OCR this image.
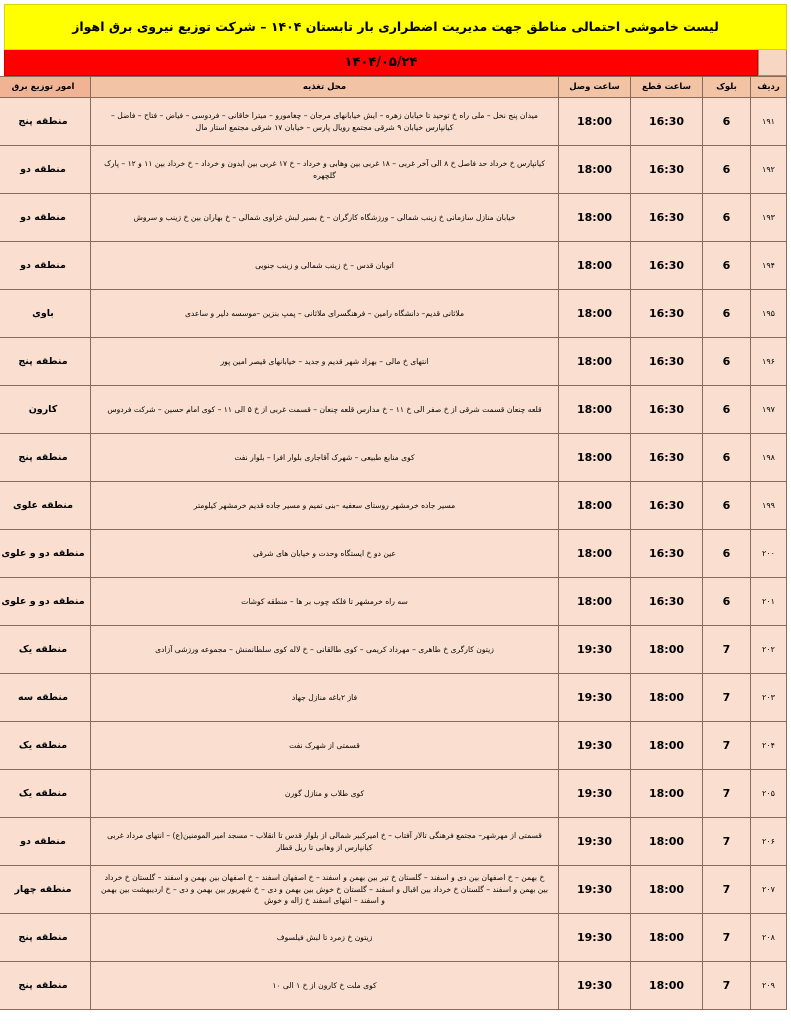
لیست خاموشی احتمالی مناطق جهت مدیریت اضطراری بار تابستان ۱۴۰۴ – شرکت توزیع نیروی برق اهواز
۱۴۰۴/۰۵/۲۴
ردیف	بلوک	ساعت قطع	ساعت وصل	محل تغذیه	امور توزیع برق
۱۹۱	6	16:30	18:00	میدان پنج نخل – ملی راه خ توحید تا خیابان زهره – ایش خیابانهای مرجان – چغامورو – میترا خاقانی – فردوسی – فیاض – فتاح – فاضل – کیانپارس خیابان ۹ شرقی مجتمع رویال پارس – خیابان ۱۷ شرقی مجتمع استار مال	منطقه پنج
۱۹۲	6	16:30	18:00	کیانپارس خ خرداد حد فاصل خ ۸ الی آخر غربی – ۱۸ غربی بین وهابی و خرداد – خ ۱۷ غربی بین ایدون و خرداد – خ خرداد بین ۱۱ و ۱۲ – پارک گلچهره	منطقه دو
۱۹۳	6	16:30	18:00	خیابان منازل سازمانی خ زینب شمالی – ورزشگاه کارگران – خ بصیر لبش غزاوی شمالی – خ بهاران بین خ زینب و سروش	منطقه دو
۱۹۴	6	16:30	18:00	اتوبان قدس – خ زینب شمالی و زینب جنوبی	منطقه دو
۱۹۵	6	16:30	18:00	ملاثانی قدیم– دانشگاه رامین – فرهنگسرای ملاثانی – پمپ بنزین –موسسه دلیر و ساعدی	باوی
۱۹۶	6	16:30	18:00	انتهای خ مالی – بهزاد شهر قدیم و جدید – خیابانهای قیصر امین پور	منطقه پنج
۱۹۷	6	16:30	18:00	قلعه چنعان قسمت شرقی از خ صفر الی خ ۱۱ – خ مدارس قلعه چنعان – قسمت غربی از خ ۵ الی ۱۱ – کوی امام حسین – شرکت فردوس	کارون
۱۹۸	6	16:30	18:00	کوی منابع طبیعی – شهرک آقاجاری بلوار افرا – بلوار نفت	منطقه پنج
۱۹۹	6	16:30	18:00	مسیر جاده خرمشهر روستای سعفیه –بنی تمیم و مسیر جاده قدیم خرمشهر کیلومتر	منطقه علوی
۲۰۰	6	16:30	18:00	عین دو خ ایستگاه وحدت و خیابان های شرقی	منطقه دو و علوی
۲۰۱	6	16:30	18:00	سه راه خرمشهر تا فلکه چوب بر ها – منطقه کوشات	منطقه دو و علوی
۲۰۲	7	18:00	19:30	زیتون کارگری خ طاهری – مهرداد کریمی – کوی طالقانی – خ لاله کوی سلطانمنش – مجموعه ورزشی آزادی	منطقه یک
۲۰۳	7	18:00	19:30	فاز ۲باغه منازل جهاد	منطقه سه
۲۰۴	7	18:00	19:30	قسمتی از شهرک نفت	منطقه یک
۲۰۵	7	18:00	19:30	کوی طلاب و منازل گورن	منطقه یک
۲۰۶	7	18:00	19:30	قسمتی از مهرشهر– مجتمع فرهنگی تالار آفتاب – خ امیرکبیر شمالی از بلوار قدس تا انقلاب – مسجد امیر المومنین(ع) – انتهای مرداد غربی کیانپارس از وهابی تا ریل قطار	منطقه دو
۲۰۷	7	18:00	19:30	خ بهمن – خ اصفهان بین دی و اسفند – گلستان خ تیر بین بهمن و اسفند – خ اصفهان اسفند – خ اصفهان بین بهمن و اسفند – گلستان خ خرداد بین بهمن و اسفند – گلستان خ خرداد بین اقبال و اسفند – گلستان خ خوش بین بهمن و دی – خ شهریور بین بهمن و دی – خ اردیبهشت بین بهمن و اسفند – انتهای اسفند خ ژاله و خوش	منطقه چهار
۲۰۸	7	18:00	19:30	زیتون خ زمرد تا لبش فیلسوف	منطقه پنج
۲۰۹	7	18:00	19:30	کوی ملت خ کارون از خ ۱ الی ۱۰	منطقه پنج
